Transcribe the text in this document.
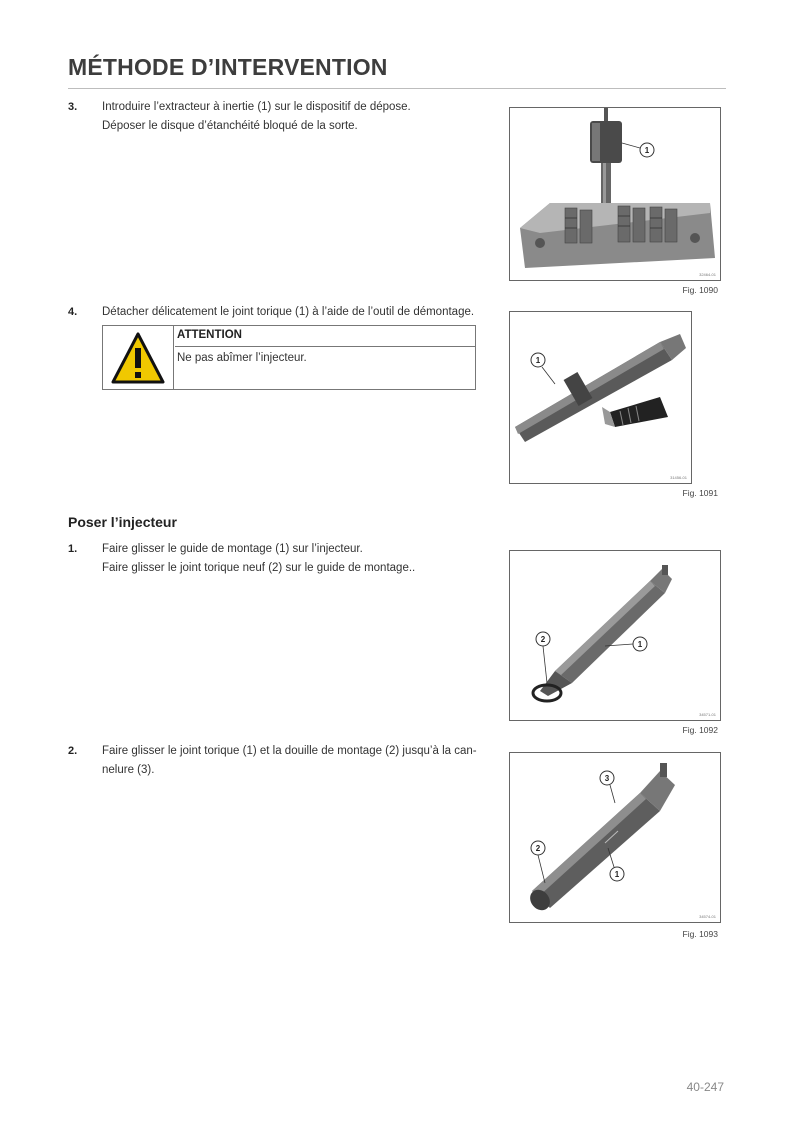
MÉTHODE D’INTERVENTION
3. Introduire l’extracteur à inertie (1) sur le dispositif de dépose.
Déposer le disque d’étanchéité bloqué de la sorte.
1
32464-01
Fig. 1090
4. Détacher délicatement le joint torique (1) à l’aide de l’outil de démontage.
ATTENTION
Ne pas abîmer l’injecteur.	1
31456-01
Fig. 1091
Poser l’injecteur
1. Faire glisser le guide de montage (1) sur l’injecteur.
Faire glisser le joint torique neuf (2) sur le guide de montage..
2
1
34571-01
Fig. 1092
2. Faire glisser le joint torique (1) et la douille de montage (2) jusqu’à la can-
nelure (3).
3
2
1
34574-01
Fig. 1093
40-247
